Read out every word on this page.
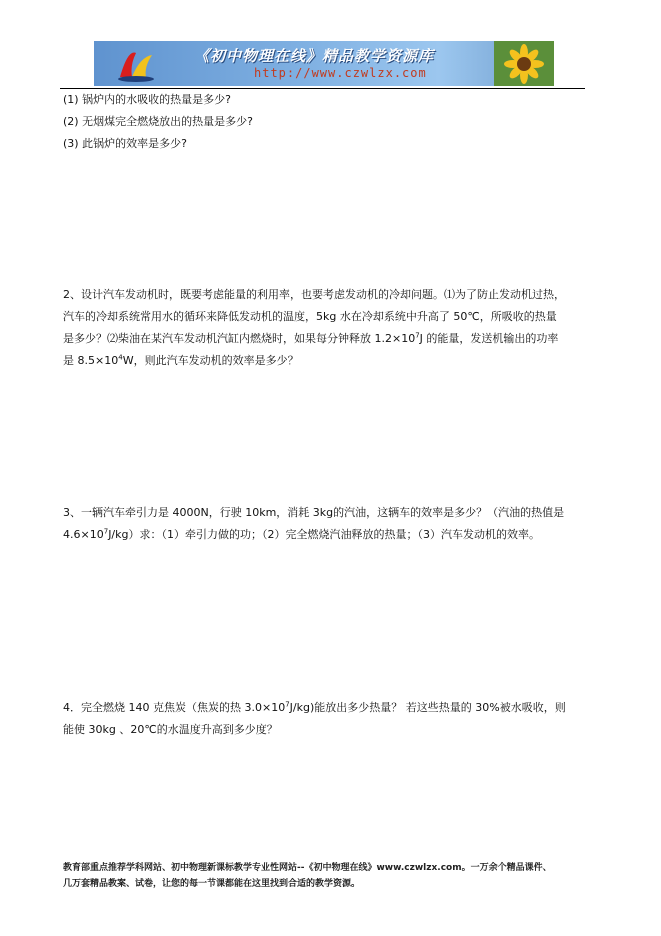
《初中物理在线》精品教学资源库
http://www.czwlzx.com
(1) 锅炉内的水吸收的热量是多少?
(2) 无烟煤完全燃烧放出的热量是多少?
(3) 此锅炉的效率是多少?
2、设计汽车发动机时，既要考虑能量的利用率，也要考虑发动机的冷却问题。⑴为了防止发动机过热，
汽车的冷却系统常用水的循环来降低发动机的温度，5kg 水在冷却系统中升高了 50℃，所吸收的热量
是多少？⑵柴油在某汽车发动机汽缸内燃烧时，如果每分钟释放 $1.2\times 10^7J$ 的能量，发送机输出的功率
是 $8.5\times 10^4W$，则此汽车发动机的效率是多少？
3、一辆汽车牵引力是 4000N，行驶 10km，消耗 3kg的汽油，这辆车的效率是多少？（汽油的热值是
$4.6\times 10^7J/kg$）求：（1）牵引力做的功；（2）完全燃烧汽油释放的热量；（3）汽车发动机的效率。
4．完全燃烧 140 克焦炭（焦炭的热 $3.0\times 10^7J/kg$)能放出多少热量？ 若这些热量的 30%被水吸收，则
能使 30kg 、20℃的水温度升高到多少度？
教育部重点推荐学科网站、初中物理新课标教学专业性网站--《初中物理在线》www.czwlzx.com。一万余个精品课件、
几万套精品教案、试卷，让您的每一节课都能在这里找到合适的教学资源。
